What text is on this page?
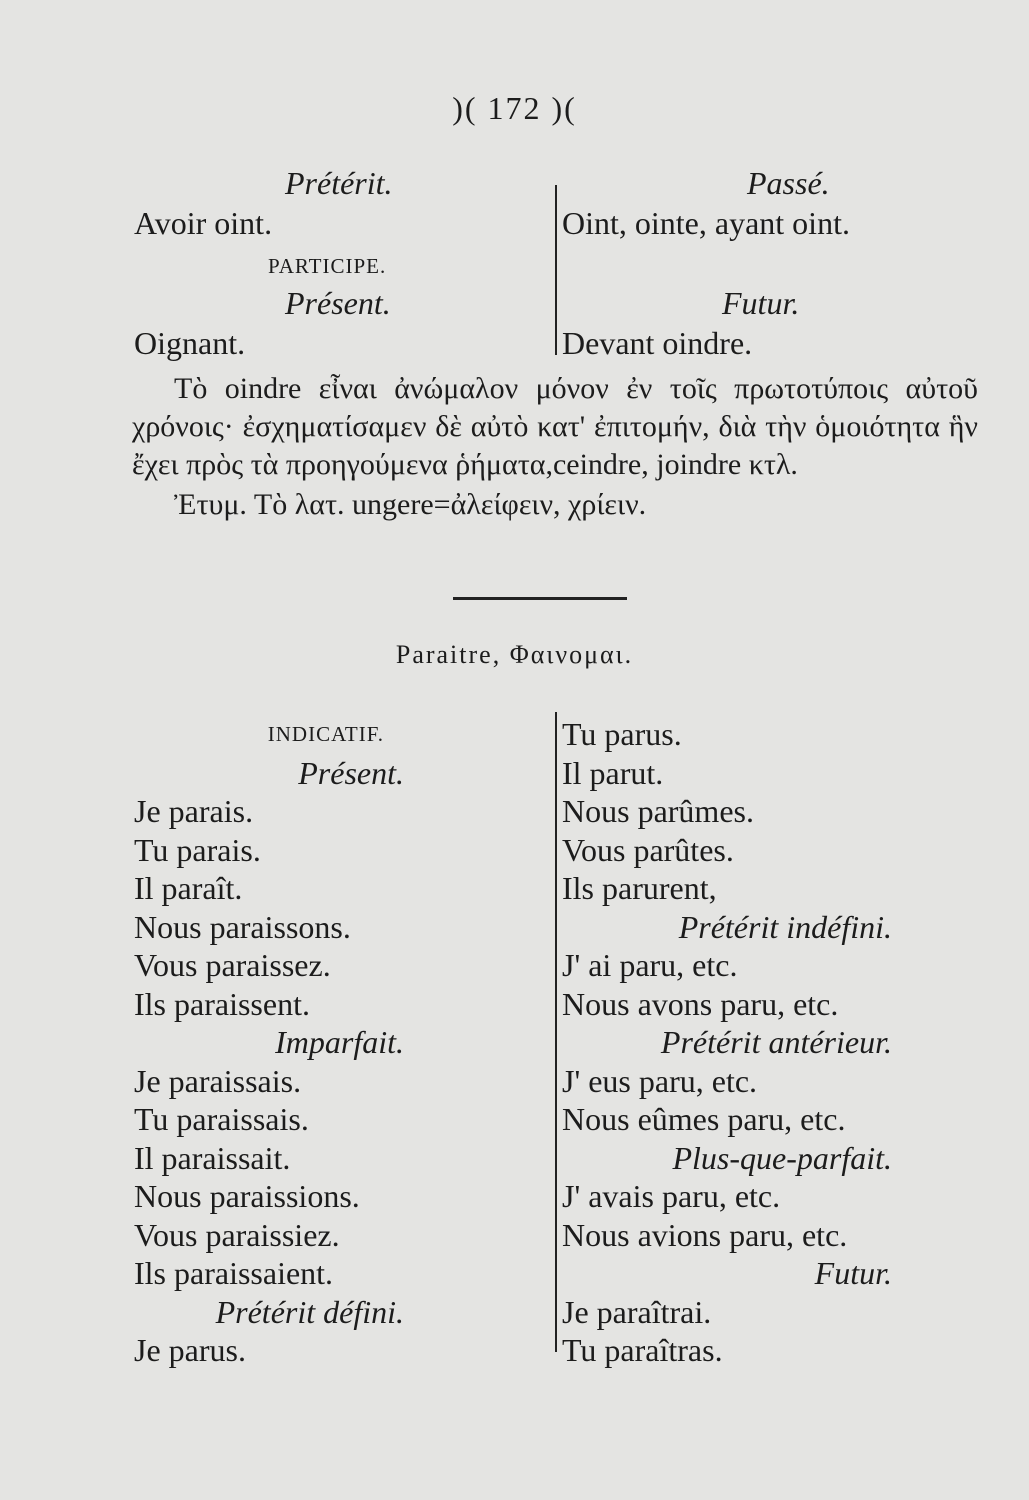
)( 172 )(
Prétérit.
Avoir oint.
PARTICIPE.
Présent.
Oignant.
Passé.
Oint, ointe, ayant oint.
Futur.
Devant oindre.

Τὸ oindre εἶναι ἀνώμαλον μόνον ἐν τοῖς πρωτοτύποις αὐτοῦ χρόνοις· ἐσχηματίσαμεν δὲ αὐτὸ κατ' ἐπιτομήν, διὰ τὴν ὁμοιότητα ἣν ἔχει πρὸς τὰ προηγούμενα ῥήματα,ceindre, joindre κτλ.

Ἐτυμ. Τὸ λατ. ungere=ἀλείφειν, χρίειν.

Paraitre, Φαινομαι.
INDICATIF.
Présent.
Je parais.
Tu parais.
Il paraît.
Nous paraissons.
Vous paraissez.
Ils paraissent.
Imparfait.
Je paraissais.
Tu paraissais.
Il paraissait.
Nous paraissions.
Vous paraissiez.
Ils paraissaient.
Prétérit défini.
Je parus.
Tu parus.
Il parut.
Nous parûmes.
Vous parûtes.
Ils parurent,
Prétérit indéfini.
J' ai paru, etc.
Nous avons paru, etc.
Prétérit antérieur.
J' eus paru, etc.
Nous eûmes paru, etc.
Plus-que-parfait.
J' avais paru, etc.
Nous avions paru, etc.
Futur.
Je paraîtrai.
Tu paraîtras.
